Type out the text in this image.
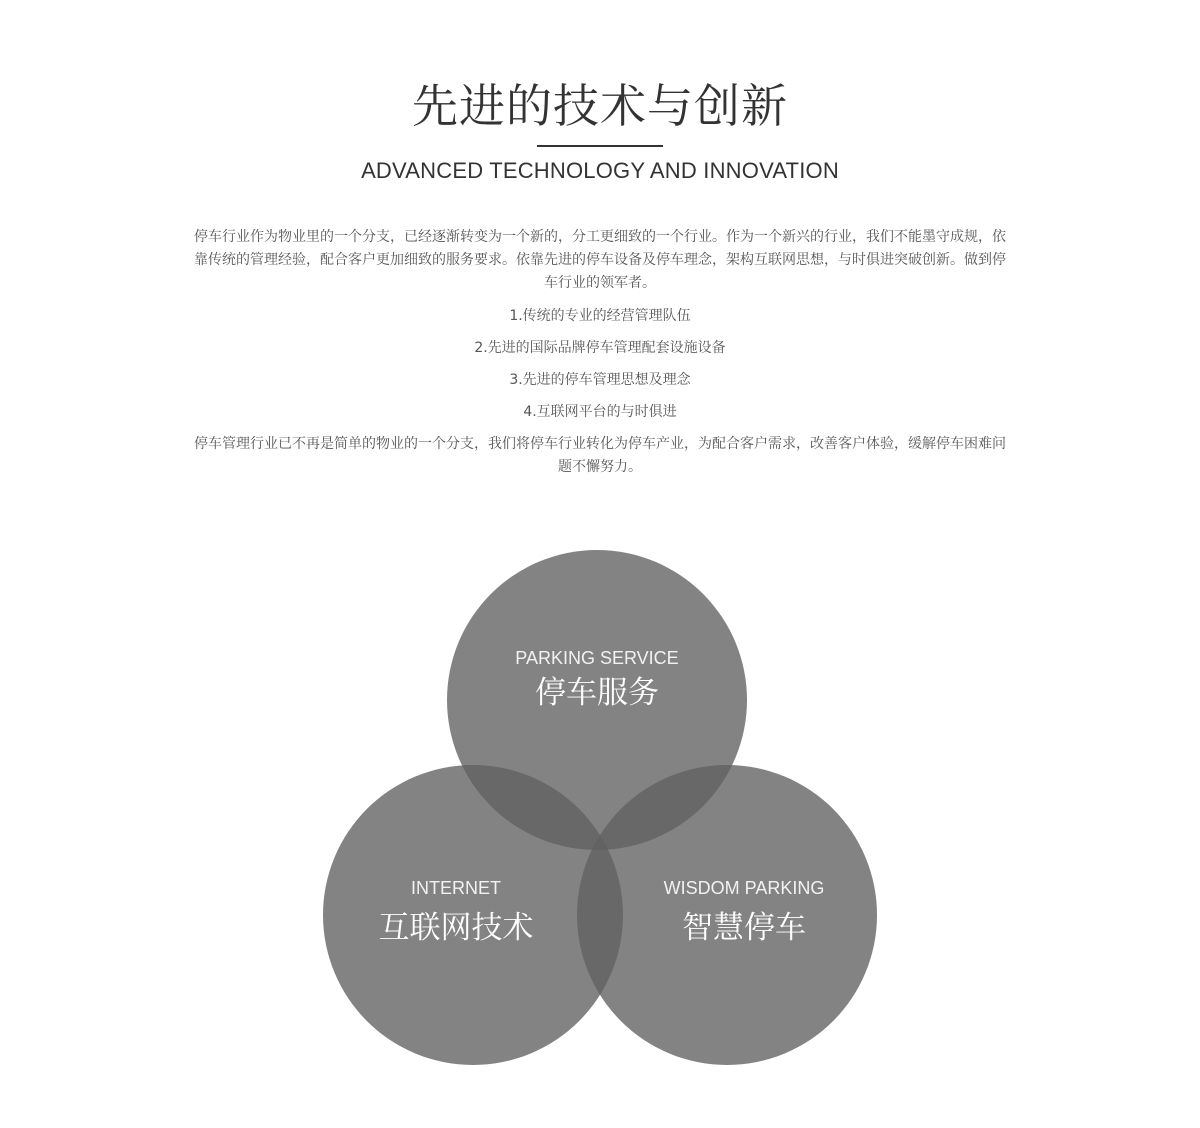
先进的技术与创新
ADVANCED TECHNOLOGY AND INNOVATION
停车行业作为物业里的一个分支，已经逐渐转变为一个新的，分工更细致的一个行业。作为一个新兴的行业，我们不能墨守成规，依靠传统的管理经验，配合客户更加细致的服务要求。依靠先进的停车设备及停车理念，架构互联网思想，与时俱进突破创新。做到停车行业的领军者。
1.传统的专业的经营管理队伍
2.先进的国际品牌停车管理配套设施设备
3.先进的停车管理思想及理念
4.互联网平台的与时俱进
停车管理行业已不再是简单的物业的一个分支，我们将停车行业转化为停车产业，为配合客户需求，改善客户体验，缓解停车困难问题不懈努力。
PARKING SERVICE
停车服务
INTERNET
互联网技术
WISDOM PARKING
智慧停车
